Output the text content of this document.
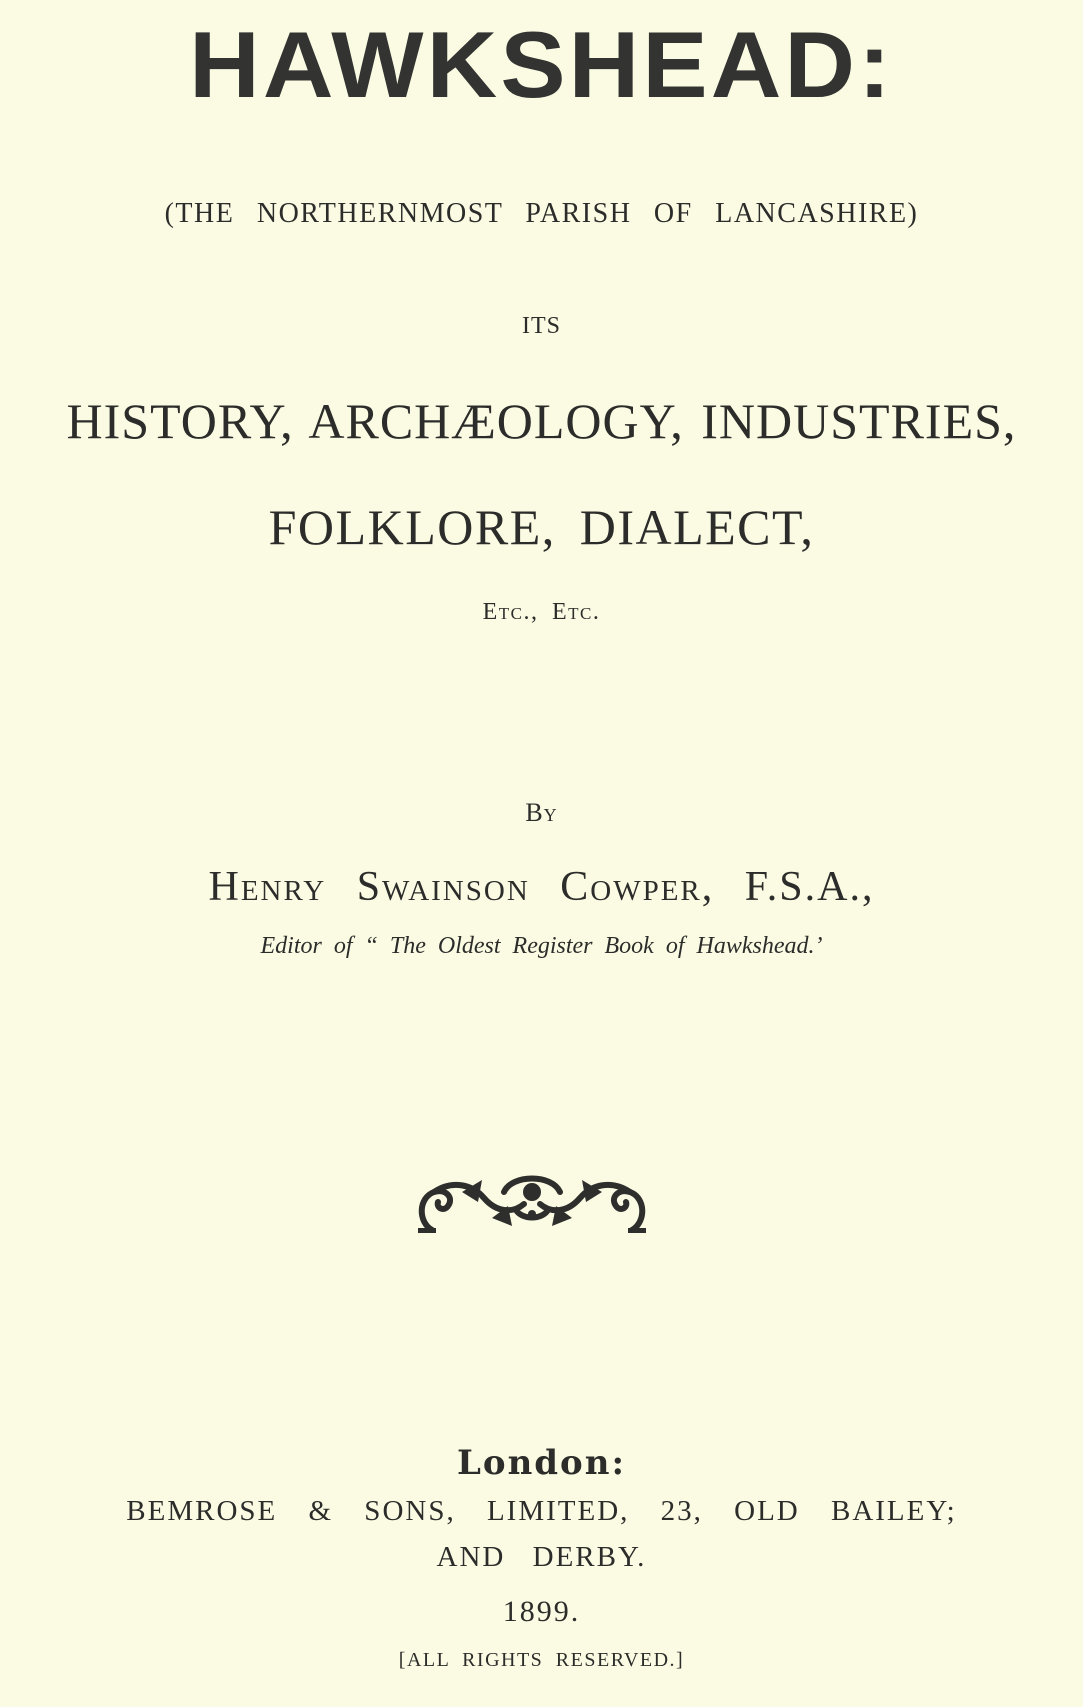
HAWKSHEAD:
(THE NORTHERNMOST PARISH OF LANCASHIRE)
ITS
HISTORY, ARCHÆOLOGY, INDUSTRIES,
FOLKLORE, DIALECT,
Etc., Etc.
By
Henry Swainson Cowper, F.S.A.,
Editor of “ The Oldest Register Book of Hawkshead.’
London:
BEMROSE & SONS, LIMITED, 23, OLD BAILEY;
AND DERBY.
1899.
[ALL RIGHTS RESERVED.]
